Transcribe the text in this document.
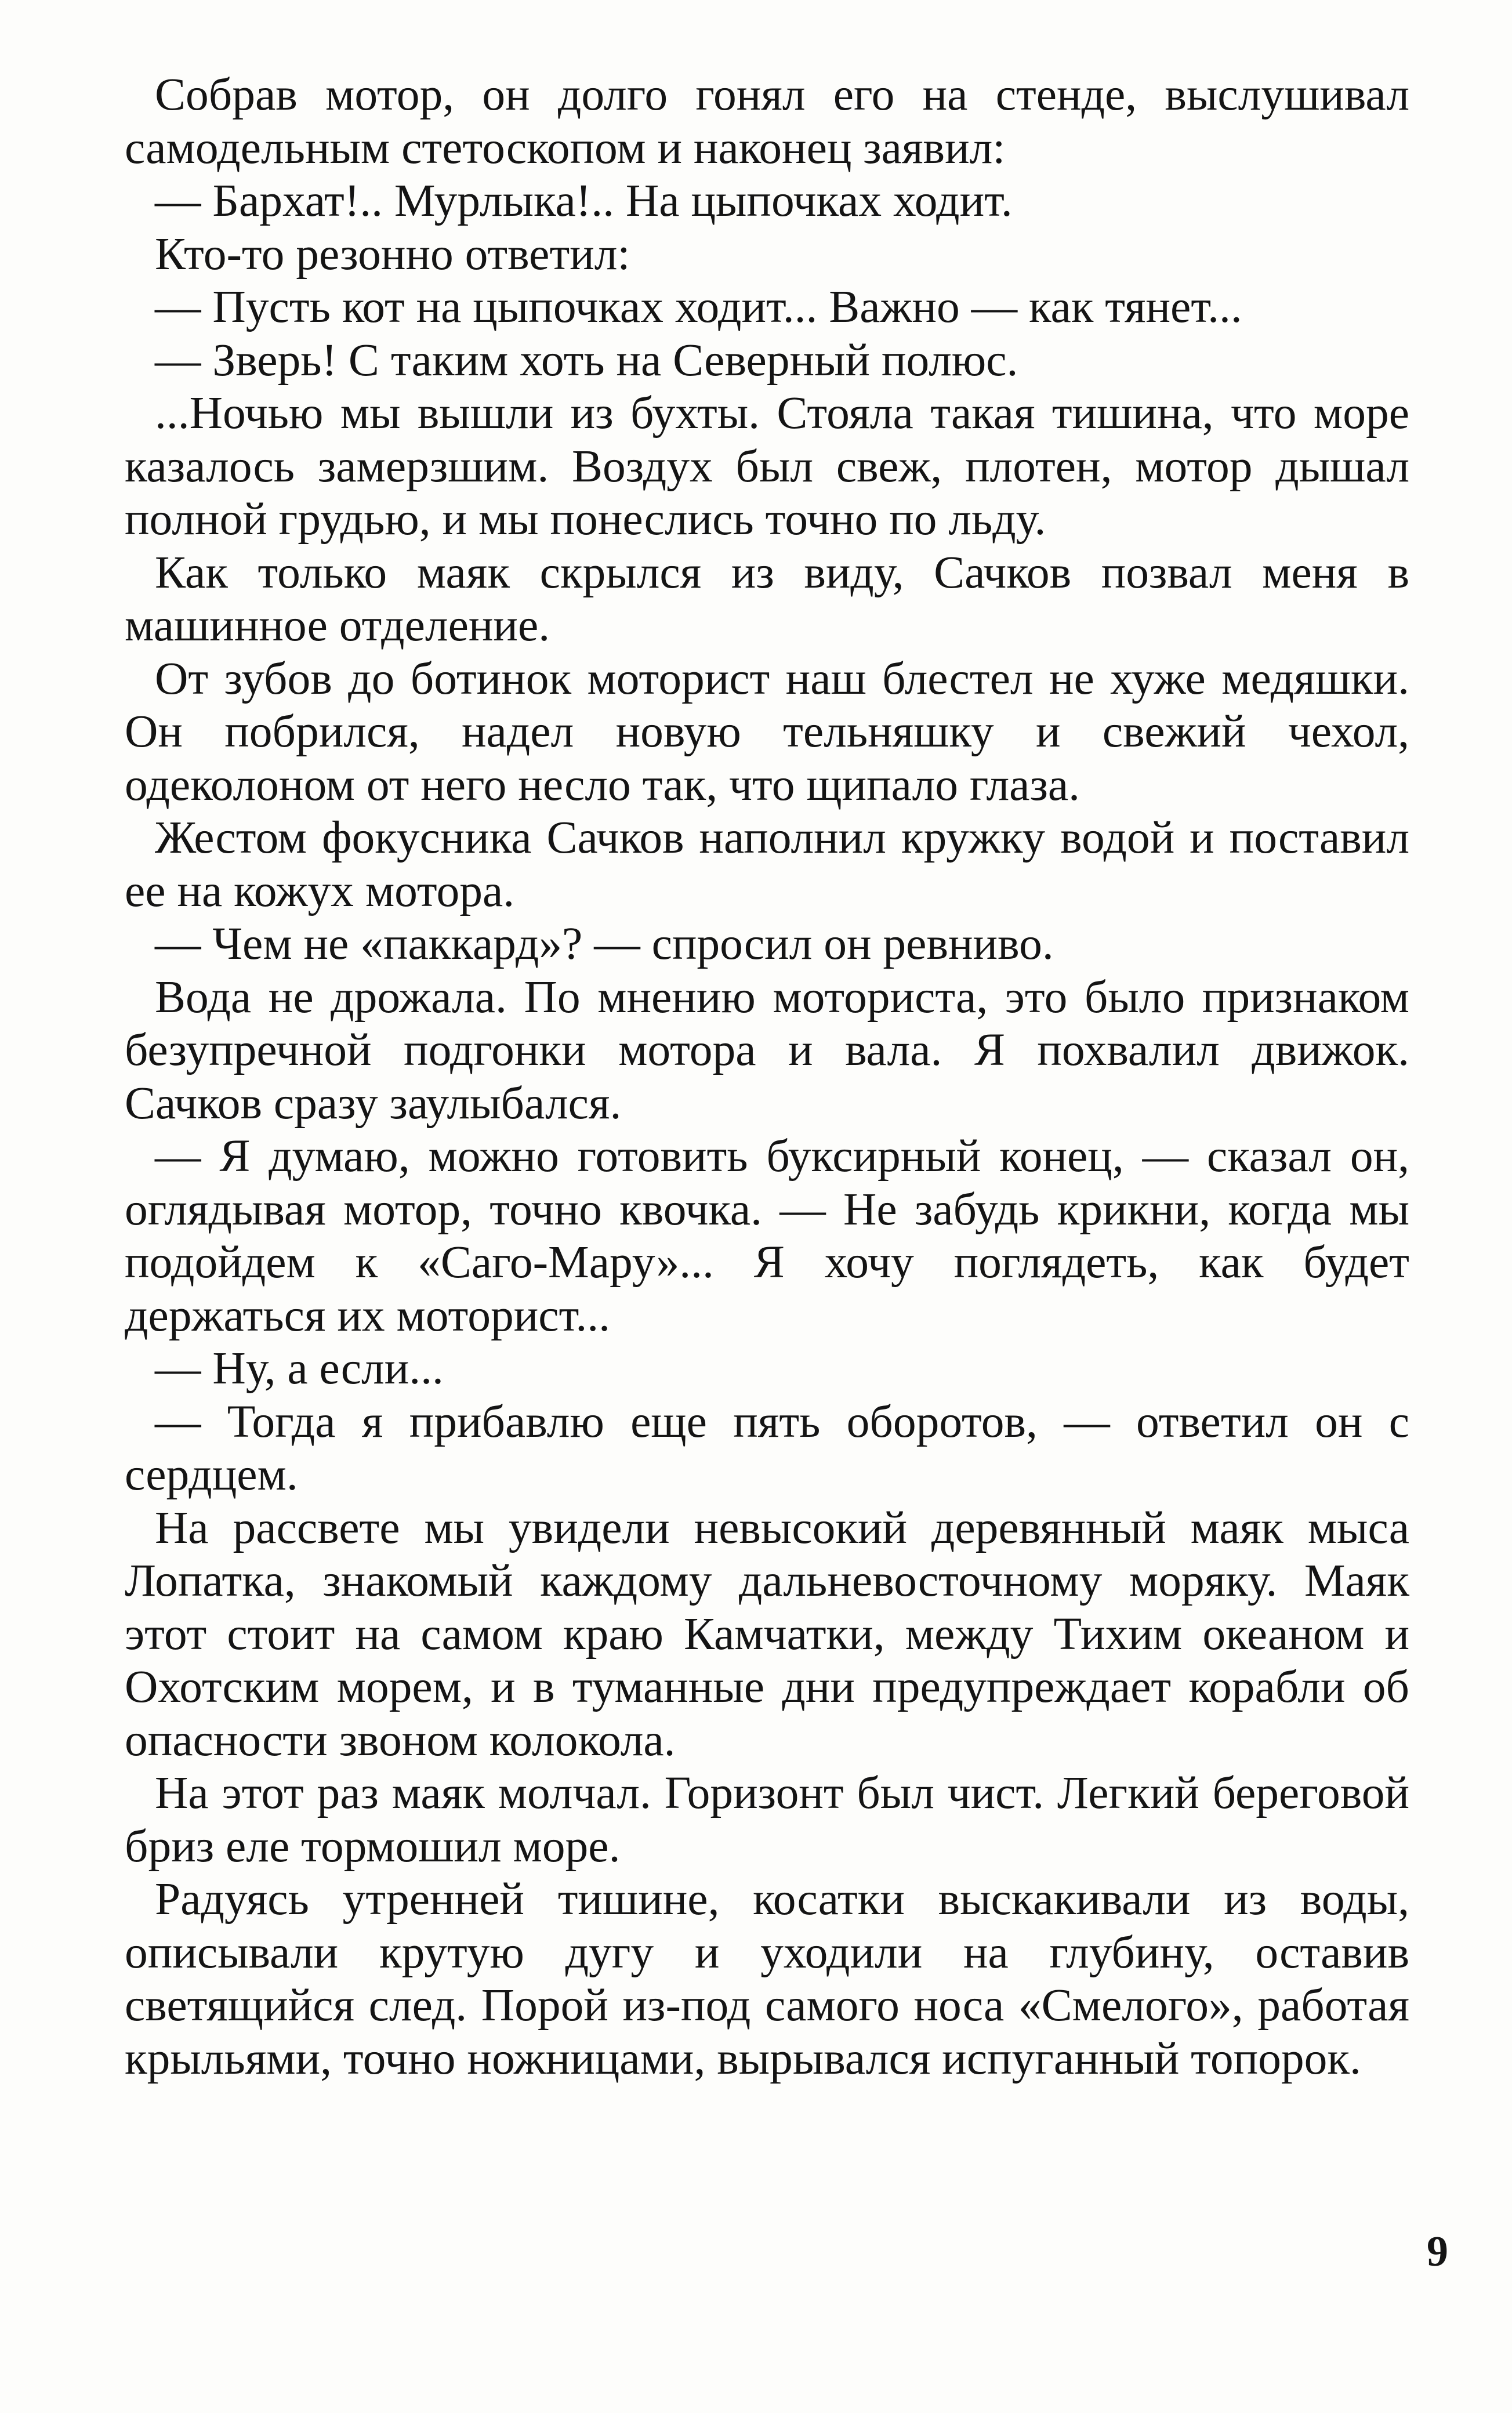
Собрав мотор, он долго гонял его на стенде, выслушивал самодельным стетоскопом и наконец заявил:

— Бархат!.. Мурлыка!.. На цыпочках ходит.

Кто-то резонно ответил:

— Пусть кот на цыпочках ходит... Важно — как тянет...

— Зверь! С таким хоть на Северный полюс.

...Ночью мы вышли из бухты. Стояла такая тишина, что море казалось замерзшим. Воздух был свеж, плотен, мотор дышал полной грудью, и мы понеслись точно по льду.

Как только маяк скрылся из виду, Сачков позвал меня в машинное отделение.

От зубов до ботинок моторист наш блестел не хуже медяшки. Он побрился, надел новую тельняшку и свежий чехол, одеколоном от него несло так, что щипало глаза.

Жестом фокусника Сачков наполнил кружку водой и поставил ее на кожух мотора.

— Чем не «паккард»? — спросил он ревниво.

Вода не дрожала. По мнению моториста, это было признаком безупречной подгонки мотора и вала. Я похвалил движок. Сачков сразу заулыбался.

— Я думаю, можно готовить буксирный конец, — сказал он, оглядывая мотор, точно квочка. — Не забудь крикни, когда мы подойдем к «Саго-Мару»... Я хочу поглядеть, как будет держаться их моторист...

— Ну, а если...

— Тогда я прибавлю еще пять оборотов, — ответил он с сердцем.

На рассвете мы увидели невысокий деревянный маяк мыса Лопатка, знакомый каждому дальневосточному моряку. Маяк этот стоит на самом краю Камчатки, между Тихим океаном и Охотским морем, и в туманные дни предупреждает корабли об опасности звоном колокола.

На этот раз маяк молчал. Горизонт был чист. Легкий береговой бриз еле тормошил море.

Радуясь утренней тишине, косатки выскакивали из воды, описывали крутую дугу и уходили на глубину, оставив светящийся след. Порой из-под самого носа «Смелого», работая крыльями, точно ножницами, вырывался испуганный топорок.

9
